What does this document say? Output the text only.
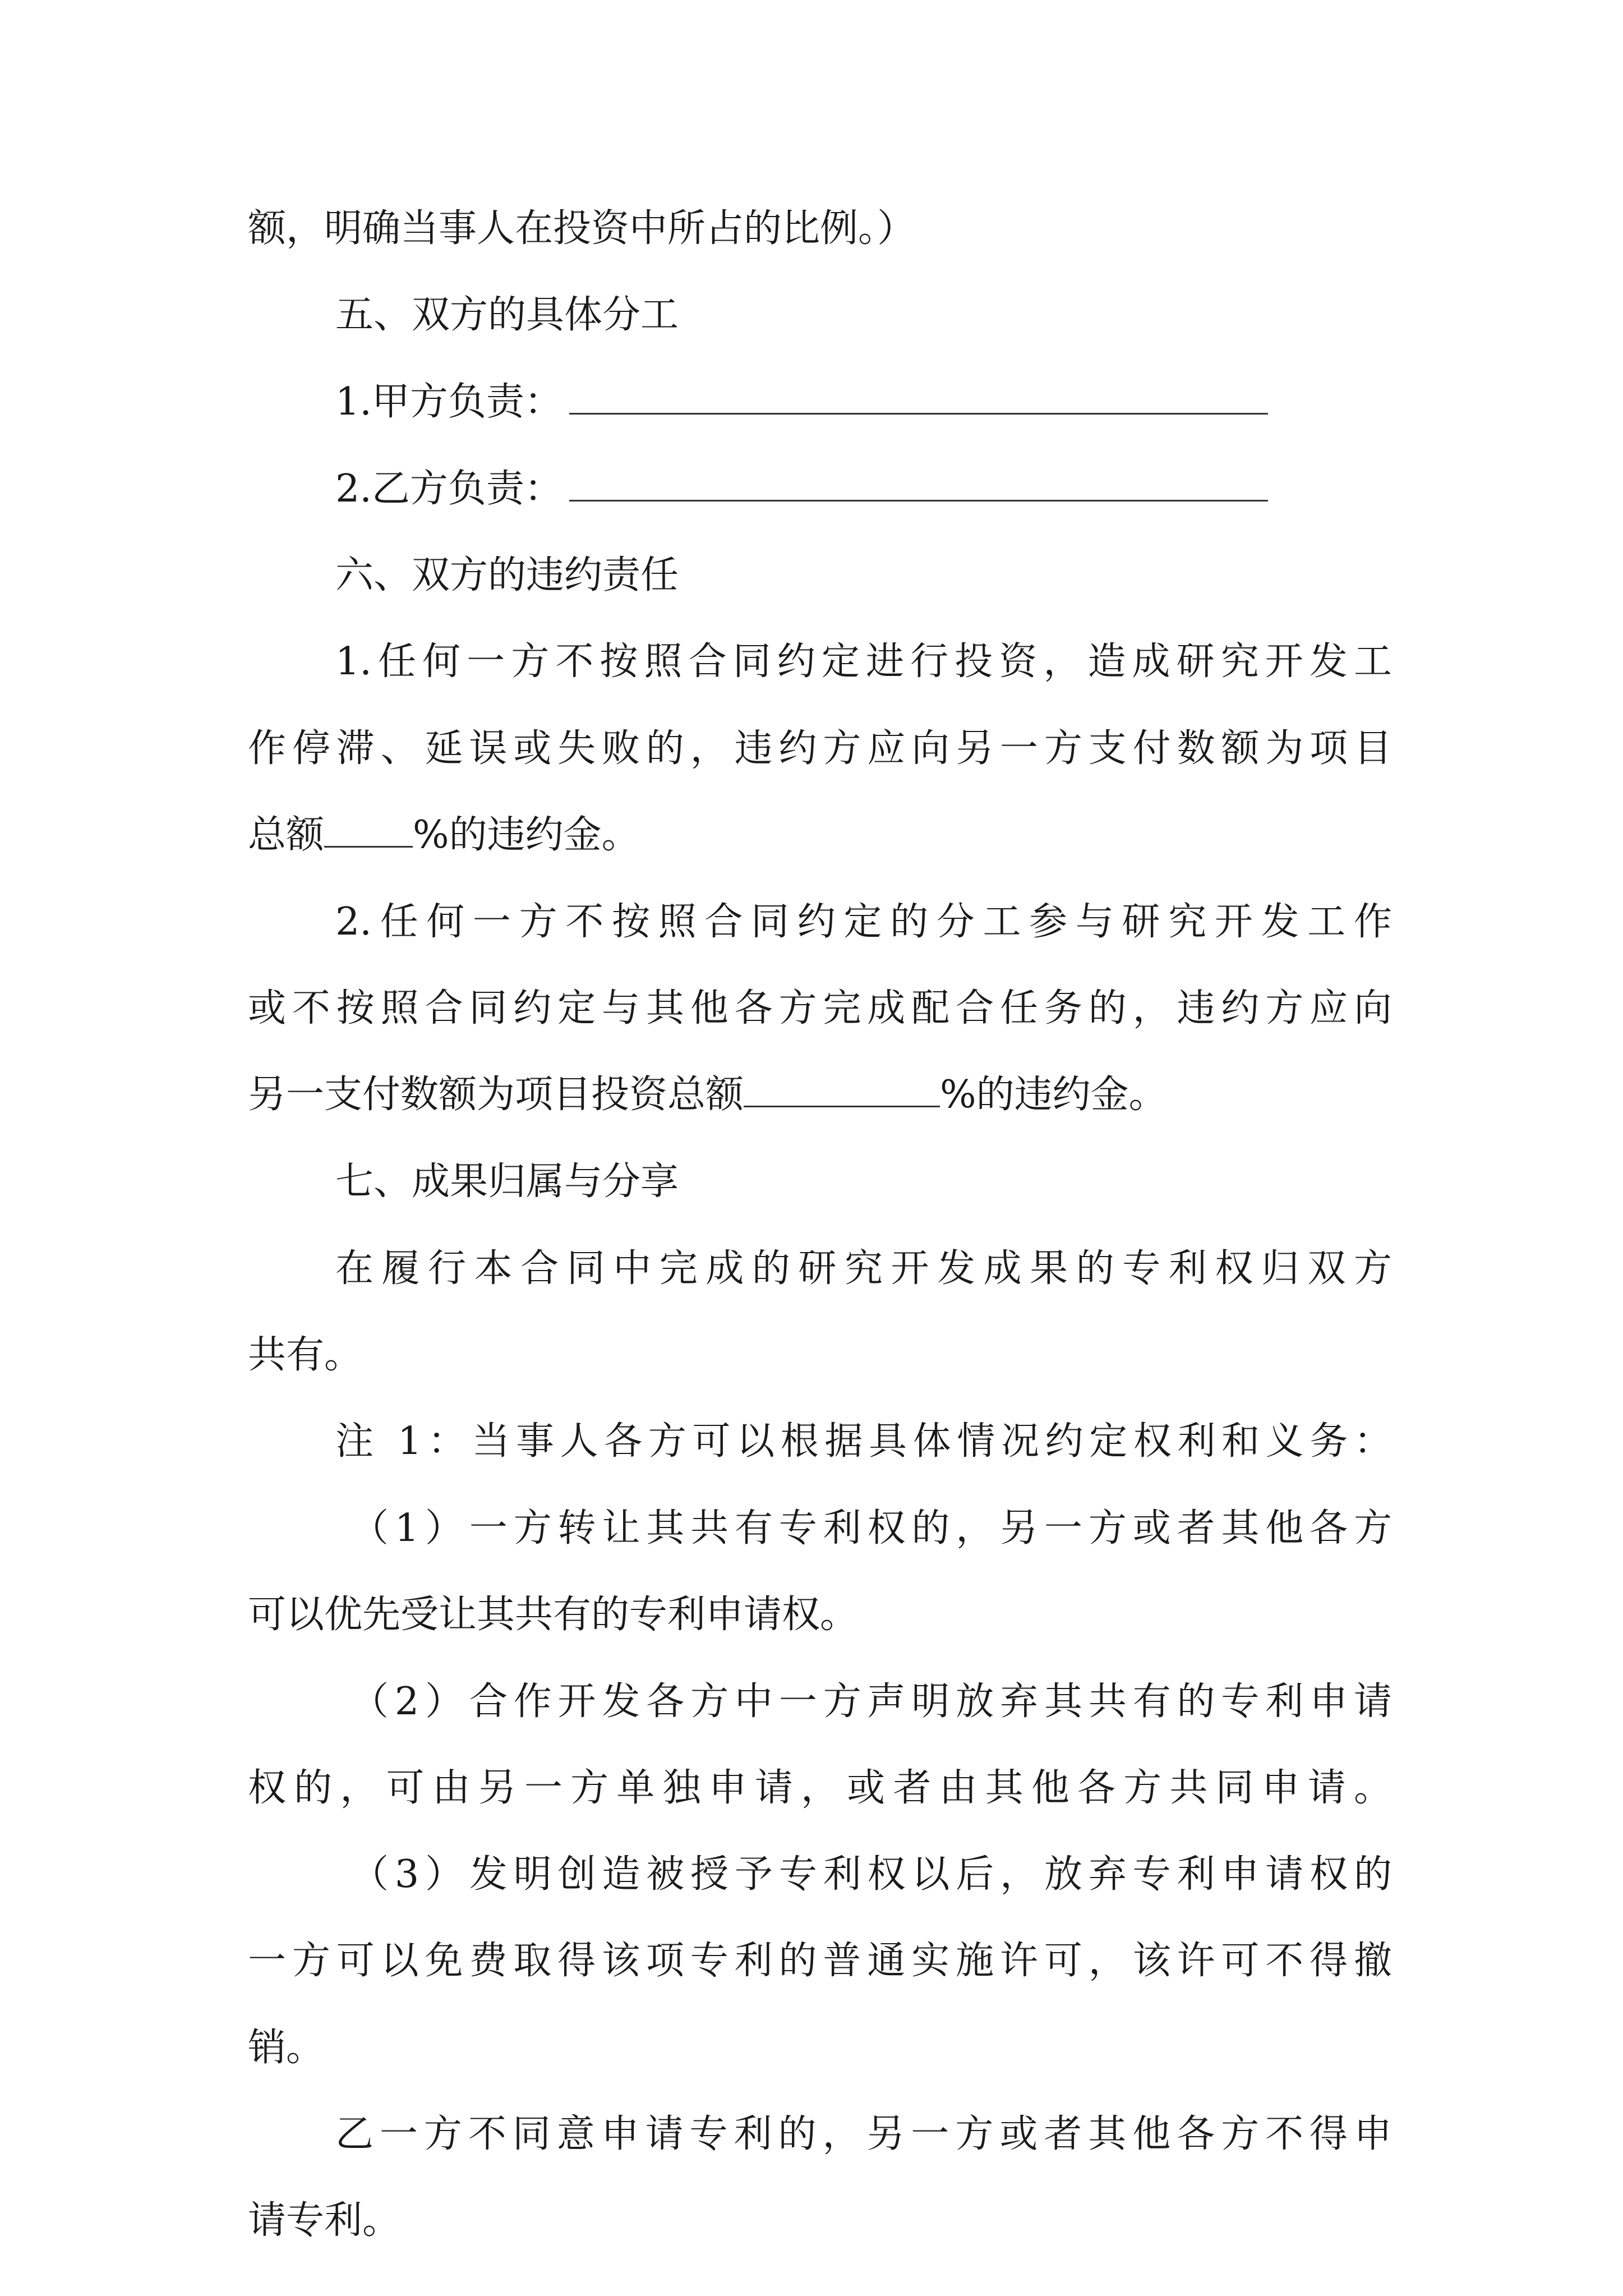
额，明确当事人在投资中所占的比例。）
五、双方的具体分工
1.甲方负责：
2.乙方负责：
六、双方的违约责任
1.任何一方不按照合同约定进行投资，造成研究开发工
作停滞、延误或失败的，违约方应向另一方支付数额为项目
总额 %的违约金。
2.任何一方不按照合同约定的分工参与研究开发工作
或不按照合同约定与其他各方完成配合任务的，违约方应向
另一支付数额为项目投资总额	%的违约金。
七、成果归属与分享
在履行本合同中完成的研究开发成果的专利权归双方
共有。
注 1：当事人各方可以根据具体情况约定权利和义务：
（1）一方转让其共有专利权的，另一方或者其他各方
可以优先受让其共有的专利申请权。
（2）合作开发各方中一方声明放弃其共有的专利申请
权的，可由另一方单独申请，或者由其他各方共同申请。
（3）发明创造被授予专利权以后，放弃专利申请权的
一方可以免费取得该项专利的普通实施许可，该许可不得撤
销。
乙一方不同意申请专利的，另一方或者其他各方不得申
请专利。
